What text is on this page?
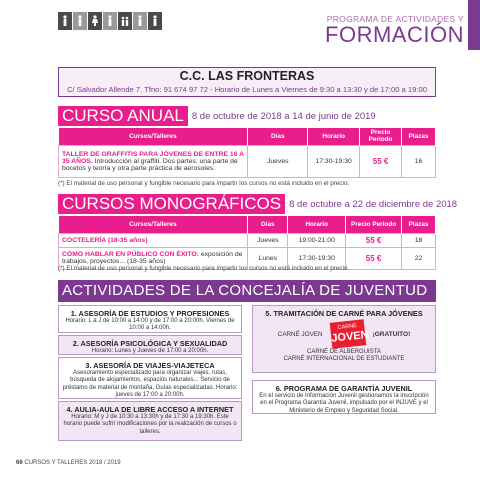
PROGRAMA DE ACTIVIDADES Y
FORMACIÓN
C.C. LAS FRONTERAS
C/ Salvador Allende 7. Tfno: 91 674 97 72 - Horario de Lunes a Viernes de 9:30 a 13:30 y de 17:00 a 19:00
CURSO ANUAL 8 de octubre de 2018 a 14 de junio de 2019
Cursos/Talleres	Días	Horario	Precio Periodo	Plazas
TALLER DE GRAFFITIS PARA JÓVENES DE ENTRE 16 A 35 AÑOS. Introducción al graffiti. Dos partes: una parte de bocetos y teoría y otra parte práctica de aerosoles.	Jueves	17:30-19:30	55 €	16
(*) El material de uso personal y fungible necesario para impartir los cursos no está incluido en el precio.
CURSOS MONOGRÁFICOS 8 de octubre a 22 de diciembre de 2018
Cursos/Talleres	Días	Horario	Precio Periodo	Plazas
COCTELERÍA (18-35 años)	Jueves	19:00-21:00	55 €	18
CÓMO HABLAR EN PÚBLICO CON ÉXITO: exposición de trabajos, proyectos... (18-35 años)	Lunes	17:30-19:30	55 €	22
(*) El material de uso personal y fungible necesario para impartir los cursos no está incluido en el precio.
ACTIVIDADES DE LA CONCEJALÍA DE JUVENTUD
1. ASESORÍA DE ESTUDIOS Y PROFESIONES
Horario: L a J de 10:00 a 14:00 y de 17:00 a 20:00h. Viernes de 10:00 a 14:00h.
2. ASESORÍA PSICOLÓGICA Y SEXUALIDAD
Horario: Lunes y Jueves de 17:00 a 20:00h.
3. ASESORÍA DE VIAJES-VIAJETECA
Asesoramiento especializado para organizar viajes, rutas, búsqueda de alojamientos, espacios naturales... Servicio de préstamo de material de montaña. Guías especializadas. Horario: jueves de 17:00 a 20:00h.
4. AULIA-AULA DE LIBRE ACCESO A INTERNET
Horario: M y J de 10:30 a 13:30h y de 17:30 a 19:30h. Este horario puede sufrir modificaciones por la realización de cursos o talleres.
5. TRAMITACIÓN DE CARNÉ PARA JÓVENES
CARNÉ JOVEN
CARNÉ
JOVEN ¡GRATUITO!
CARNÉ DE ALBERGUISTA
CARNÉ INTERNACIONAL DE ESTUDIANTE
6. PROGRAMA DE GARANTÍA JUVENIL
En el servicio de Información Juvenil gestionamos la inscripción en el Programa Garantía Juvenil, impulsado por el INJUVE y el Ministerio de Empleo y Seguridad Social.
66 CURSOS Y TALLERES 2018 / 2019
